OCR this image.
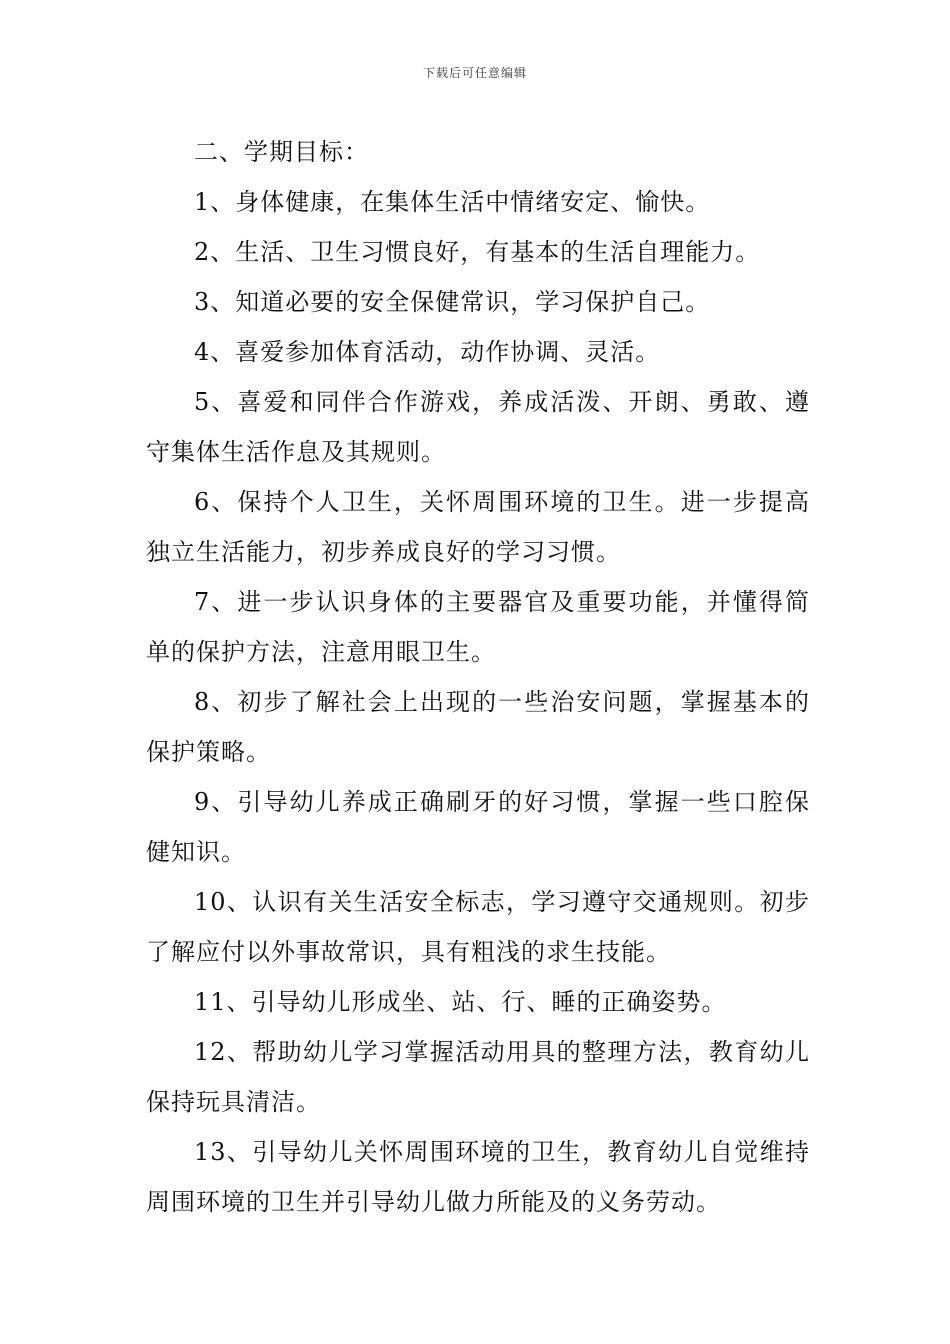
下载后可任意编辑

二、学期目标：

1、身体健康，在集体生活中情绪安定、愉快。

2、生活、卫生习惯良好，有基本的生活自理能力。

3、知道必要的安全保健常识，学习保护自己。

4、喜爱参加体育活动，动作协调、灵活。

5、喜爱和同伴合作游戏，养成活泼、开朗、勇敢、遵守集体生活作息及其规则。

6、保持个人卫生，关怀周围环境的卫生。进一步提高独立生活能力，初步养成良好的学习习惯。

7、进一步认识身体的主要器官及重要功能，并懂得简单的保护方法，注意用眼卫生。

8、初步了解社会上出现的一些治安问题，掌握基本的保护策略。

9、引导幼儿养成正确刷牙的好习惯，掌握一些口腔保健知识。

10、认识有关生活安全标志，学习遵守交通规则。初步了解应付以外事故常识，具有粗浅的求生技能。

11、引导幼儿形成坐、站、行、睡的正确姿势。

12、帮助幼儿学习掌握活动用具的整理方法，教育幼儿保持玩具清洁。

13、引导幼儿关怀周围环境的卫生，教育幼儿自觉维持周围环境的卫生并引导幼儿做力所能及的义务劳动。
